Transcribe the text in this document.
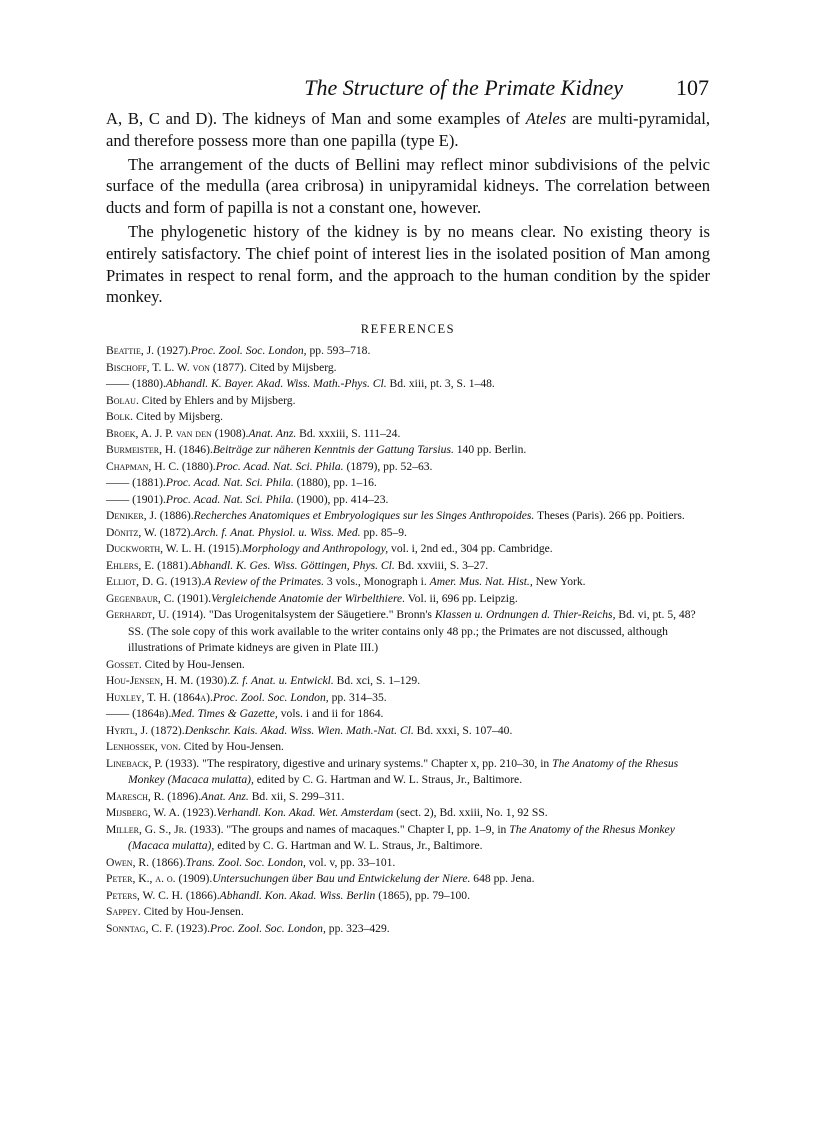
The Structure of the Primate Kidney 107

A, B, C and D). The kidneys of Man and some examples of Ateles are multi-pyramidal, and therefore possess more than one papilla (type E).

The arrangement of the ducts of Bellini may reflect minor subdivisions of the pelvic surface of the medulla (area cribrosa) in unipyramidal kidneys. The correlation between ducts and form of papilla is not a constant one, however.

The phylogenetic history of the kidney is by no means clear. No existing theory is entirely satisfactory. The chief point of interest lies in the isolated position of Man among Primates in respect to renal form, and the approach to the human condition by the spider monkey.

REFERENCES

Beattie, J. (1927).Proc. Zool. Soc. London, pp. 593–718.

Bischoff, T. L. W. von (1877). Cited by Mijsberg.

—— (1880).Abhandl. K. Bayer. Akad. Wiss. Math.-Phys. Cl. Bd. xiii, pt. 3, S. 1–48.

Bolau. Cited by Ehlers and by Mijsberg.

Bolk. Cited by Mijsberg.

Broek, A. J. P. van den (1908).Anat. Anz. Bd. xxxiii, S. 111–24.

Burmeister, H. (1846).Beiträge zur näheren Kenntnis der Gattung Tarsius. 140 pp. Berlin.

Chapman, H. C. (1880).Proc. Acad. Nat. Sci. Phila. (1879), pp. 52–63.

—— (1881).Proc. Acad. Nat. Sci. Phila. (1880), pp. 1–16.

—— (1901).Proc. Acad. Nat. Sci. Phila. (1900), pp. 414–23.

Deniker, J. (1886).Recherches Anatomiques et Embryologiques sur les Singes Anthropoides. Theses (Paris). 266 pp. Poitiers.

Dönitz, W. (1872).Arch. f. Anat. Physiol. u. Wiss. Med. pp. 85–9.

Duckworth, W. L. H. (1915).Morphology and Anthropology, vol. i, 2nd ed., 304 pp. Cambridge.

Ehlers, E. (1881).Abhandl. K. Ges. Wiss. Göttingen, Phys. Cl. Bd. xxviii, S. 3–27.

Elliot, D. G. (1913).A Review of the Primates. 3 vols., Monograph i. Amer. Mus. Nat. Hist., New York.

Gegenbaur, C. (1901).Vergleichende Anatomie der Wirbelthiere. Vol. ii, 696 pp. Leipzig.

Gerhardt, U. (1914). "Das Urogenitalsystem der Säugetiere." Bronn's Klassen u. Ordnungen d. Thier-Reichs, Bd. vi, pt. 5, 48? SS. (The sole copy of this work available to the writer contains only 48 pp.; the Primates are not discussed, although illustrations of Primate kidneys are given in Plate III.)

Gosset. Cited by Hou-Jensen.

Hou-Jensen, H. M. (1930).Z. f. Anat. u. Entwickl. Bd. xci, S. 1–129.

Huxley, T. H. (1864a).Proc. Zool. Soc. London, pp. 314–35.

—— (1864b).Med. Times & Gazette, vols. i and ii for 1864.

Hyrtl, J. (1872).Denkschr. Kais. Akad. Wiss. Wien. Math.-Nat. Cl. Bd. xxxi, S. 107–40.

Lenhossek, von. Cited by Hou-Jensen.

Lineback, P. (1933). "The respiratory, digestive and urinary systems." Chapter x, pp. 210–30, in The Anatomy of the Rhesus Monkey (Macaca mulatta), edited by C. G. Hartman and W. L. Straus, Jr., Baltimore.

Maresch, R. (1896).Anat. Anz. Bd. xii, S. 299–311.

Mijsberg, W. A. (1923).Verhandl. Kon. Akad. Wet. Amsterdam (sect. 2), Bd. xxiii, No. 1, 92 SS.

Miller, G. S., Jr. (1933). "The groups and names of macaques." Chapter I, pp. 1–9, in The Anatomy of the Rhesus Monkey (Macaca mulatta), edited by C. G. Hartman and W. L. Straus, Jr., Baltimore.

Owen, R. (1866).Trans. Zool. Soc. London, vol. v, pp. 33–101.

Peter, K., a. o. (1909).Untersuchungen über Bau und Entwickelung der Niere. 648 pp. Jena.

Peters, W. C. H. (1866).Abhandl. Kon. Akad. Wiss. Berlin (1865), pp. 79–100.

Sappey. Cited by Hou-Jensen.

Sonntag, C. F. (1923).Proc. Zool. Soc. London, pp. 323–429.
